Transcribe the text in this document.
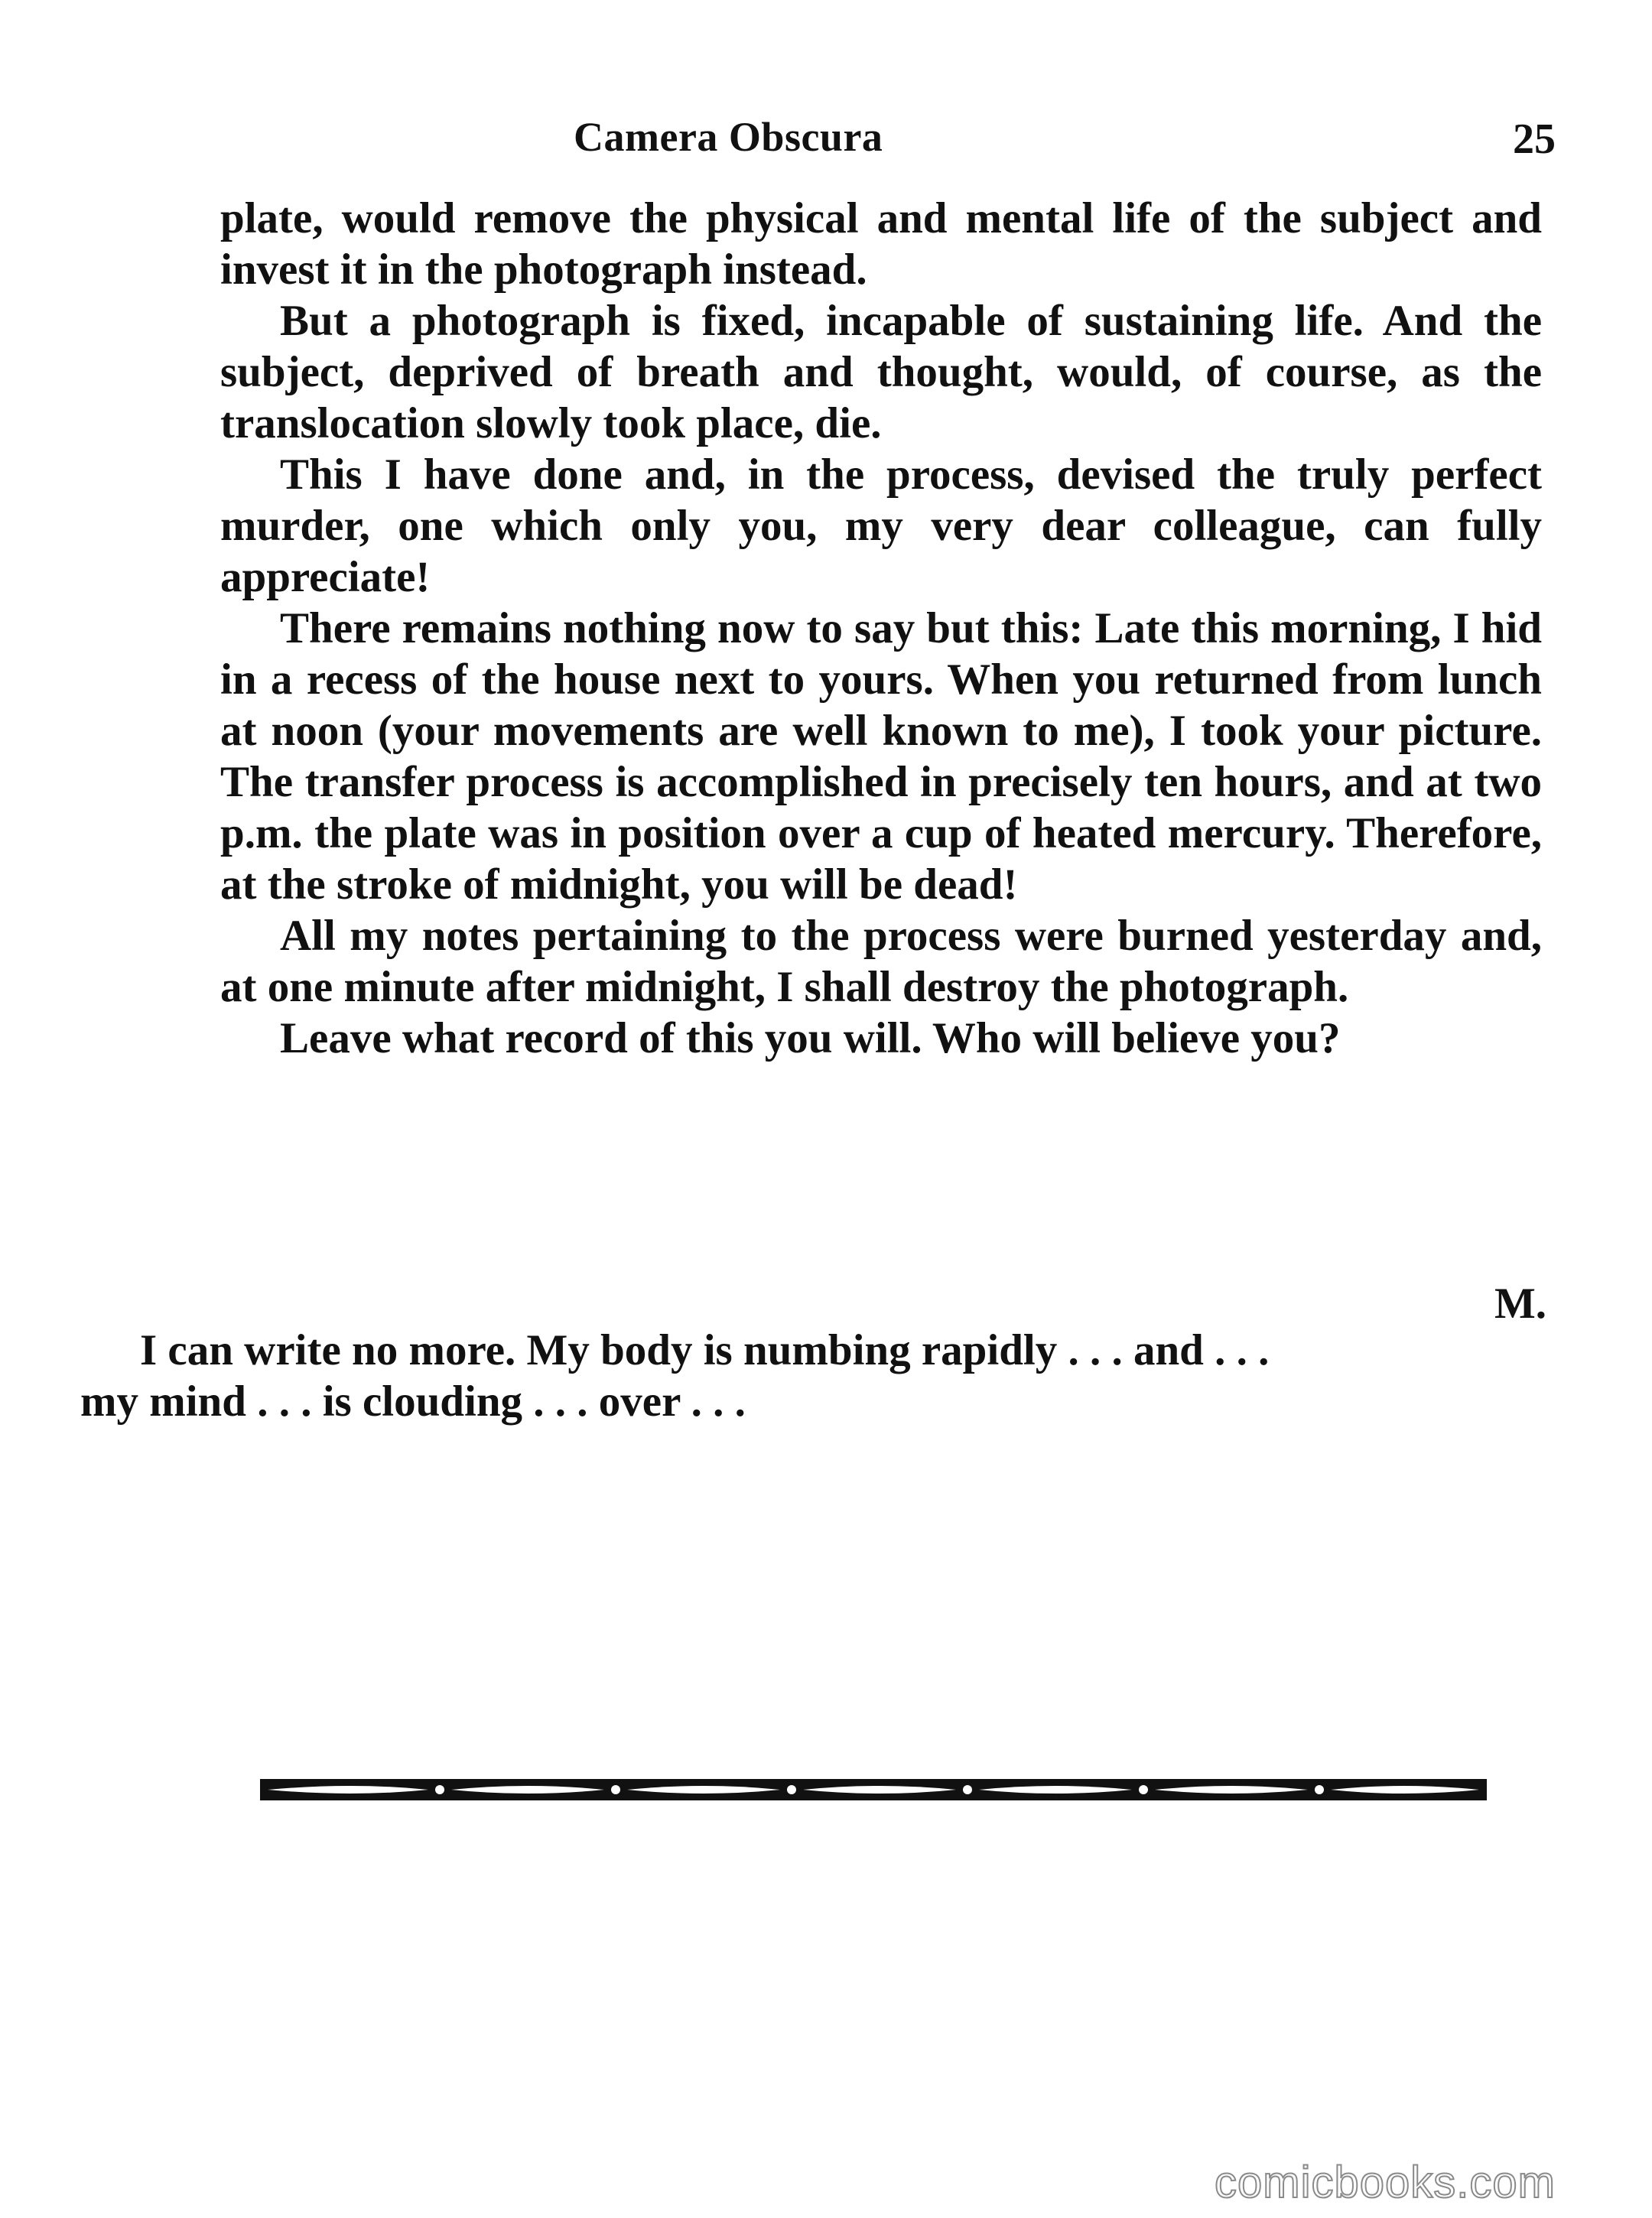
Camera Obscura	25

plate, would remove the physical and mental life of the subject and invest it in the photograph instead.

But a photograph is fixed, incapable of sustaining life. And the subject, deprived of breath and thought, would, of course, as the translocation slowly took place, die.

This I have done and, in the process, devised the truly perfect murder, one which only you, my very dear colleague, can fully appreciate!

There remains nothing now to say but this: Late this morning, I hid in a recess of the house next to yours. When you returned from lunch at noon (your movements are well known to me), I took your picture. The transfer process is accomplished in precisely ten hours, and at two p.m. the plate was in position over a cup of heated mercury. Therefore, at the stroke of midnight, you will be dead!

All my notes pertaining to the process were burned yesterday and, at one minute after midnight, I shall destroy the photograph.

Leave what record of this you will. Who will believe you?

M.
I can write no more. My body is numbing rapidly . . . and . . .
my mind . . . is clouding . . . over . . .
comicbooks.com
